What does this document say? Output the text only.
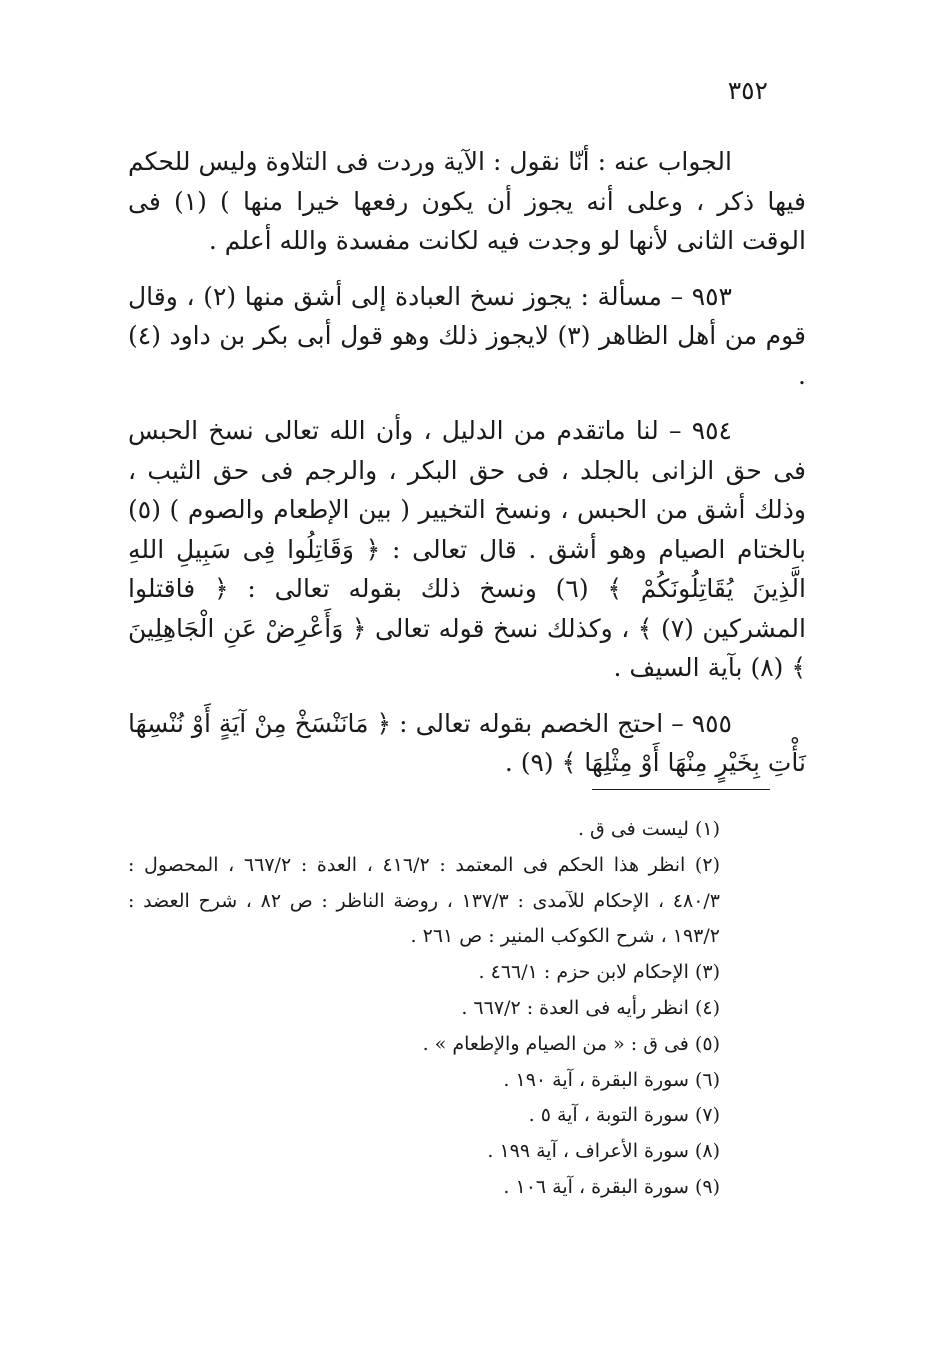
٣٥٢

الجواب عنه : أنّا نقول : الآية وردت فى التلاوة وليس للحكم فيها ذكر ، وعلى أنه يجوز أن يكون رفعها خيرا منها ) (١) فى الوقت الثانى لأنها لو وجدت فيه لكانت مفسدة والله أعلم .

٩٥٣ – مسألة : يجوز نسخ العبادة إلى أشق منها (٢) ، وقال قوم من أهل الظاهر (٣) لايجوز ذلك وهو قول أبى بكر بن داود (٤) .

٩٥٤ – لنا ماتقدم من الدليل ، وأن الله تعالى نسخ الحبس فى حق الزانى بالجلد ، فى حق البكر ، والرجم فى حق الثيب ، وذلك أشق من الحبس ، ونسخ التخيير ( بين الإطعام والصوم ) (٥) بالختام الصيام وهو أشق . قال تعالى : ﴿ وَقَاتِلُوا فِى سَبِيلِ اللهِ الَّذِينَ يُقَاتِلُونَكُمْ ﴾ (٦) ونسخ ذلك بقوله تعالى : ﴿ فاقتلوا المشركين (٧) ﴾ ، وكذلك نسخ قوله تعالى ﴿ وَأَعْرِضْ عَنِ الْجَاهِلِينَ ﴾ (٨) بآية السيف .

٩٥٥ – احتج الخصم بقوله تعالى : ﴿ مَانَنْسَخْ مِنْ آيَةٍ أَوْ نُنْسِهَا نَأْتِ بِخَيْرٍ مِنْهَا أَوْ مِثْلِهَا ﴾ (٩) .

(١) ليست فى ق .

(٢) انظر هذا الحكم فى المعتمد : ٤١٦/٢ ، العدة : ٦٦٧/٢ ، المحصول : ٤٨٠/٣ ، الإحكام للآمدى : ١٣٧/٣ ، روضة الناظر : ص ٨٢ ، شرح العضد : ١٩٣/٢ ، شرح الكوكب المنير : ص ٢٦١ .

(٣) الإحكام لابن حزم : ٤٦٦/١ .

(٤) انظر رأيه فى العدة : ٦٦٧/٢ .

(٥) فى ق : « من الصيام والإطعام » .

(٦) سورة البقرة ، آية ١٩٠ .

(٧) سورة التوبة ، آية ٥ .

(٨) سورة الأعراف ، آية ١٩٩ .

(٩) سورة البقرة ، آية ١٠٦ .
